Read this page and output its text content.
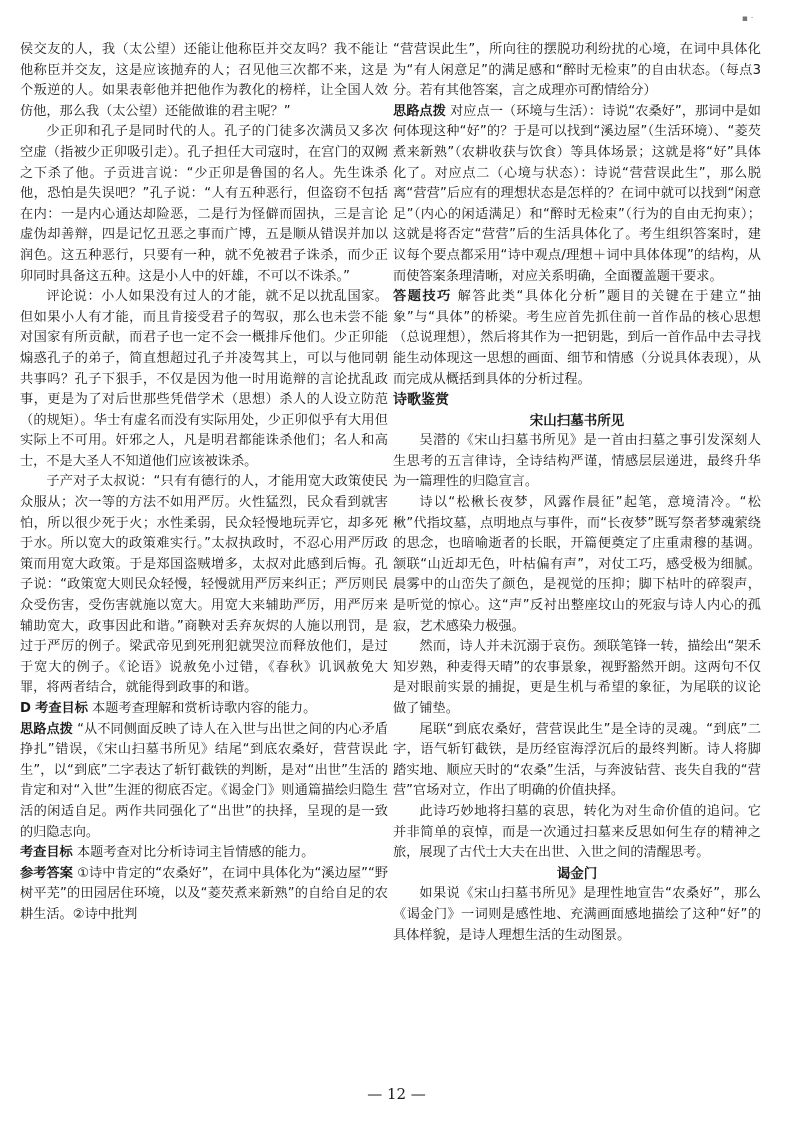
▪ ᐧ

侯交友的人，我（太公望）还能让他称臣并交友吗？我不能让他称臣并交友，这是应该抛弃的人；召见他三次都不来，这是个叛逆的人。如果表彰他并把他作为教化的榜样，让全国人效仿他，那么我（太公望）还能做谁的君主呢？”

少正卯和孔子是同时代的人。孔子的门徒多次满员又多次空虚（指被少正卯吸引走）。孔子担任大司寇时，在宫门的双阙之下杀了他。子贡进言说：“少正卯是鲁国的名人。先生诛杀他，恐怕是失误吧？”孔子说：“人有五种恶行，但盗窃不包括在内：一是内心通达却险恶，二是行为怪僻而固执，三是言论虚伪却善辩，四是记忆丑恶之事而广博，五是顺从错误并加以润色。这五种恶行，只要有一种，就不免被君子诛杀，而少正卯同时具备这五种。这是小人中的奸雄，不可以不诛杀。”

评论说：小人如果没有过人的才能，就不足以扰乱国家。但如果小人有才能，而且肯接受君子的驾驭，那么也未尝不能对国家有所贡献，而君子也一定不会一概排斥他们。少正卯能煽惑孔子的弟子，简直想超过孔子并凌驾其上，可以与他同朝共事吗？孔子下狠手，不仅是因为他一时用诡辩的言论扰乱政事，更是为了对后世那些凭借学术（思想）杀人的人设立防范（的规矩）。华士有虚名而没有实际用处，少正卯似乎有大用但实际上不可用。奸邪之人，凡是明君都能诛杀他们；名人和高士，不是大圣人不知道他们应该被诛杀。

子产对子太叔说：“只有有德行的人，才能用宽大政策使民众服从；次一等的方法不如用严厉。火性猛烈，民众看到就害怕，所以很少死于火；水性柔弱，民众轻慢地玩弄它，却多死于水。所以宽大的政策难实行。”太叔执政时，不忍心用严厉政策而用宽大政策。于是郑国盗贼增多，太叔对此感到后悔。孔子说：“政策宽大则民众轻慢，轻慢就用严厉来纠正；严厉则民众受伤害，受伤害就施以宽大。用宽大来辅助严厉，用严厉来辅助宽大，政事因此和谐。”商鞅对丢弃灰烬的人施以刑罚，是过于严厉的例子。梁武帝见到死刑犯就哭泣而释放他们，是过于宽大的例子。《论语》说赦免小过错，《春秋》讥讽赦免大罪，将两者结合，就能得到政事的和谐。

D 考查目标 本题考查理解和赏析诗歌内容的能力。

思路点拨 “从不同侧面反映了诗人在入世与出世之间的内心矛盾挣扎”错误，《宋山扫墓书所见》结尾“到底农桑好，营营误此生”，以“到底”二字表达了斩钉截铁的判断，是对“出世”生活的肯定和对“入世”生涯的彻底否定。《谒金门》则通篇描绘归隐生活的闲适自足。两作共同强化了“出世”的抉择，呈现的是一致的归隐志向。

考查目标 本题考查对比分析诗词主旨情感的能力。

参考答案 ①诗中肯定的“农桑好”，在词中具体化为“溪边屋”“野树平芜”的田园居住环境，以及“菱芡煮来新熟”的自给自足的农耕生活。②诗中批判

“营营误此生”，所向往的摆脱功利纷扰的心境，在词中具体化为“有人闲意足”的满足感和“醉时无检束”的自由状态。（每点3分。若有其他答案，言之成理亦可酌情给分）

思路点拨 对应点一（环境与生活）：诗说“农桑好”，那词中是如何体现这种“好”的？于是可以找到“溪边屋”（生活环境）、“菱芡煮来新熟”（农耕收获与饮食）等具体场景；这就是将“好”具体化了。对应点二（心境与状态）：诗说“营营误此生”，那么脱离“营营”后应有的理想状态是怎样的？在词中就可以找到“闲意足”（内心的闲适满足）和“醉时无检束”（行为的自由无拘束）；这就是将否定“营营”后的生活具体化了。考生组织答案时，建议每个要点都采用“诗中观点/理想＋词中具体体现”的结构，从而使答案条理清晰，对应关系明确，全面覆盖题干要求。

答题技巧 解答此类“具体化分析”题目的关键在于建立“抽象”与“具体”的桥梁。考生应首先抓住前一首作品的核心思想（总说理想），然后将其作为一把钥匙，到后一首作品中去寻找能生动体现这一思想的画面、细节和情感（分说具体表现），从而完成从概括到具体的分析过程。

诗歌鉴赏

宋山扫墓书所见

吴潜的《宋山扫墓书所见》是一首由扫墓之事引发深刻人生思考的五言律诗，全诗结构严谨，情感层层递进，最终升华为一篇理性的归隐宣言。

诗以“松楸长夜梦，风露作晨征”起笔，意境清冷。“松楸”代指坟墓，点明地点与事件，而“长夜梦”既写祭者梦魂萦绕的思念，也暗喻逝者的长眠，开篇便奠定了庄重肃穆的基调。颔联“山近却无色，叶枯偏有声”，对仗工巧，感受极为细腻。晨雾中的山峦失了颜色，是视觉的压抑；脚下枯叶的碎裂声，是听觉的惊心。这“声”反衬出整座坟山的死寂与诗人内心的孤寂，艺术感染力极强。

然而，诗人并未沉溺于哀伤。颈联笔锋一转，描绘出“架禾知岁熟，种麦得天晴”的农事景象，视野豁然开朗。这两句不仅是对眼前实景的捕捉，更是生机与希望的象征，为尾联的议论做了铺垫。

尾联“到底农桑好，营营误此生”是全诗的灵魂。“到底”二字，语气斩钉截铁，是历经宦海浮沉后的最终判断。诗人将脚踏实地、顺应天时的“农桑”生活，与奔波钻营、丧失自我的“营营”官场对立，作出了明确的价值抉择。

此诗巧妙地将扫墓的哀思，转化为对生命价值的追问。它并非简单的哀悼，而是一次通过扫墓来反思如何生存的精神之旅，展现了古代士大夫在出世、入世之间的清醒思考。

谒金门

如果说《宋山扫墓书所见》是理性地宣告“农桑好”，那么《谒金门》一词则是感性地、充满画面感地描绘了这种“好”的具体样貌，是诗人理想生活的生动图景。

— 12 —
